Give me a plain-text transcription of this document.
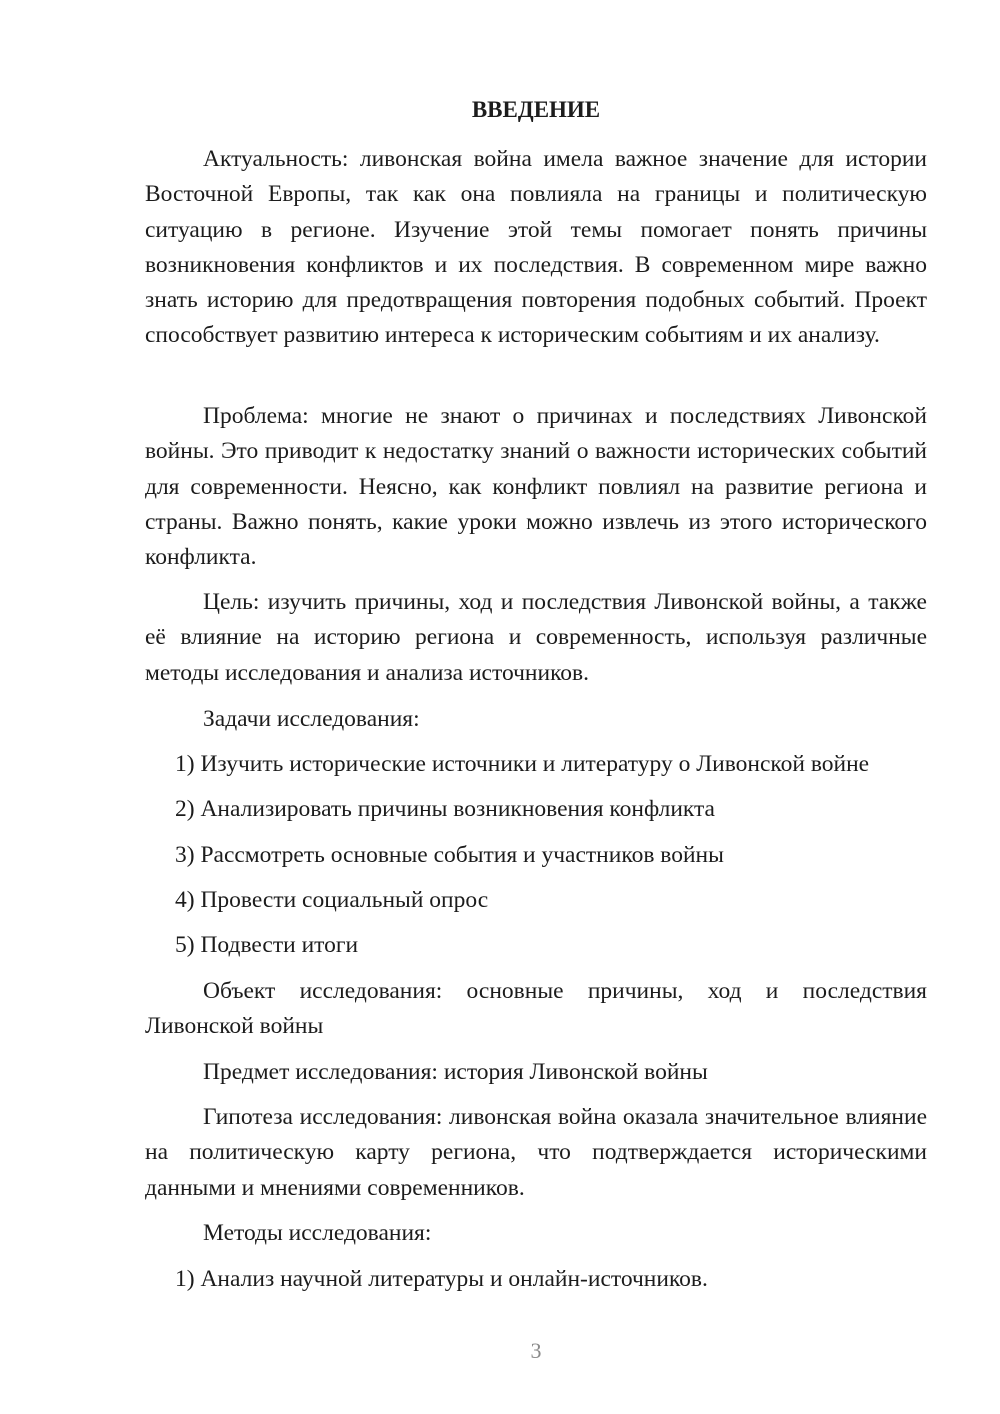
ВВЕДЕНИЕ

Актуальность: ливонская война имела важное значение для истории Восточной Европы, так как она повлияла на границы и политическую ситуацию в регионе. Изучение этой темы помогает понять причины возникновения конфликтов и их последствия. В современном мире важно знать историю для предотвращения повторения подобных событий. Проект способствует развитию интереса к историческим событиям и их анализу.

Проблема: многие не знают о причинах и последствиях Ливонской войны. Это приводит к недостатку знаний о важности исторических событий для современности. Неясно, как конфликт повлиял на развитие региона и страны. Важно понять, какие уроки можно извлечь из этого исторического конфликта.

Цель: изучить причины, ход и последствия Ливонской войны, а также её влияние на историю региона и современность, используя различные методы исследования и анализа источников.

Задачи исследования:

1) Изучить исторические источники и литературу о Ливонской войне

2) Анализировать причины возникновения конфликта

3) Рассмотреть основные события и участников войны

4) Провести социальный опрос

5) Подвести итоги

Объект исследования: основные причины, ход и последствия Ливонской войны

Предмет исследования: история Ливонской войны

Гипотеза исследования: ливонская война оказала значительное влияние на политическую карту региона, что подтверждается историческими данными и мнениями современников.

Методы исследования:

1) Анализ научной литературы и онлайн-источников.

3
